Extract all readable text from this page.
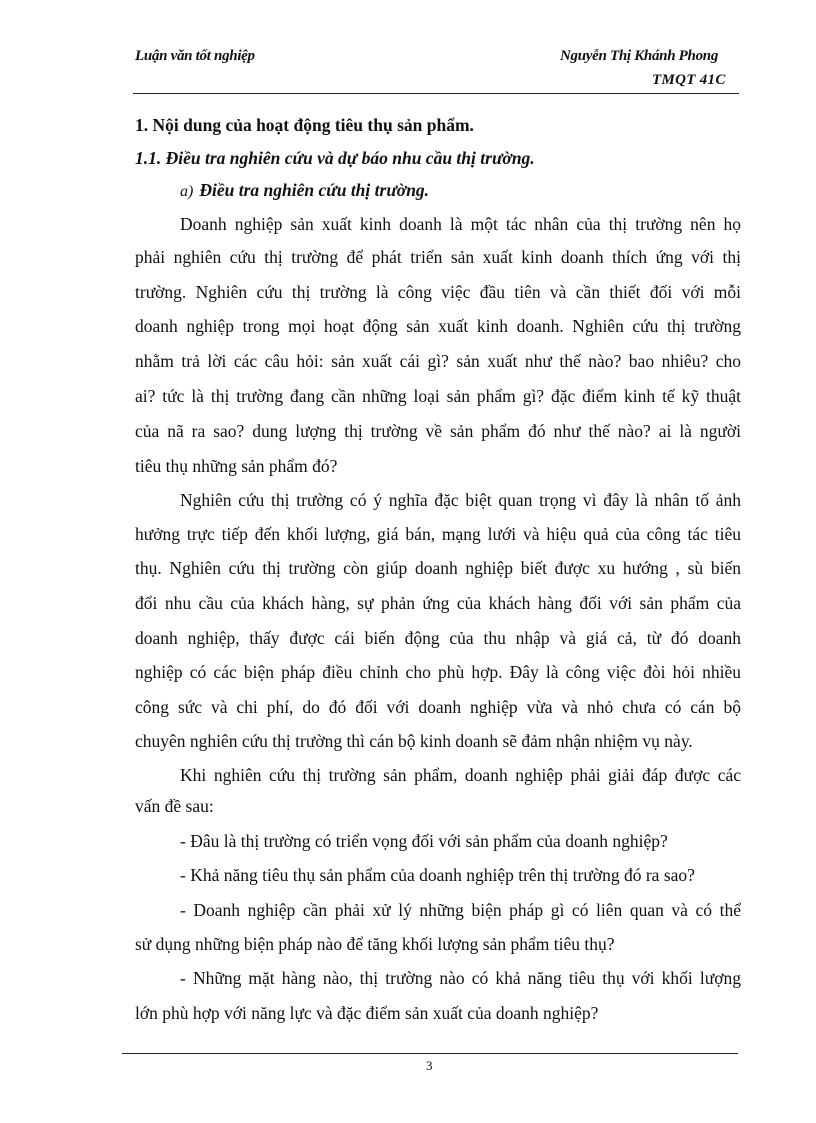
Luận văn tốt nghiệp	Nguyễn Thị Khánh Phong
TMQT 41C
1. Nội dung của hoạt động tiêu thụ sản phẩm.
1.1. Điều tra nghiên cứu và dự báo nhu cầu thị trường.
a) Điều tra nghiên cứu thị trường.
Doanh nghiệp sản xuất kinh doanh là một tác nhân của thị trường nên họ
phải nghiên cứu thị trường để phát triển sản xuất kinh doanh thích ứng với thị
trường. Nghiên cứu thị trường là công việc đầu tiên và cần thiết đối với mỗi
doanh nghiệp trong mọi hoạt động sản xuất kinh doanh. Nghiên cứu thị trường
nhằm trả lời các câu hỏi: sản xuất cái gì? sản xuất như thế nào? bao nhiêu? cho
ai? tức là thị trường đang cần những loại sản phẩm gì? đặc điểm kinh tế kỹ thuật
của nã ra sao? dung lượng thị trường về sản phẩm đó như thế nào? ai là người
tiêu thụ những sản phẩm đó?
Nghiên cứu thị trường có ý nghĩa đặc biệt quan trọng vì đây là nhân tố ảnh
hưởng trực tiếp đến khối lượng, giá bán, mạng lưới và hiệu quả của công tác tiêu
thụ. Nghiên cứu thị trường còn giúp doanh nghiệp biết được xu hướng , sù biến
đổi nhu cầu của khách hàng, sự phản ứng của khách hàng đối với sản phẩm của
doanh nghiệp, thấy được cái biến động của thu nhập và giá cả, từ đó doanh
nghiệp có các biện pháp điều chỉnh cho phù hợp. Đây là công việc đòi hỏi nhiều
công sức và chi phí, do đó đối với doanh nghiệp vừa và nhỏ chưa có cán bộ
chuyên nghiên cứu thị trường thì cán bộ kinh doanh sẽ đảm nhận nhiệm vụ này.
Khi nghiên cứu thị trường sản phẩm, doanh nghiệp phải giải đáp được các
vấn đề sau:
- Đâu là thị trường có triển vọng đối với sản phẩm của doanh nghiệp?
- Khả năng tiêu thụ sản phẩm của doanh nghiệp trên thị trường đó ra sao?
- Doanh nghiệp cần phải xử lý những biện pháp gì có liên quan và có thể
sử dụng những biện pháp nào để tăng khối lượng sản phẩm tiêu thụ?
- Những mặt hàng nào, thị trường nào có khả năng tiêu thụ với khối lượng
lớn phù hợp với năng lực và đặc điểm sản xuất của doanh nghiệp?
3
